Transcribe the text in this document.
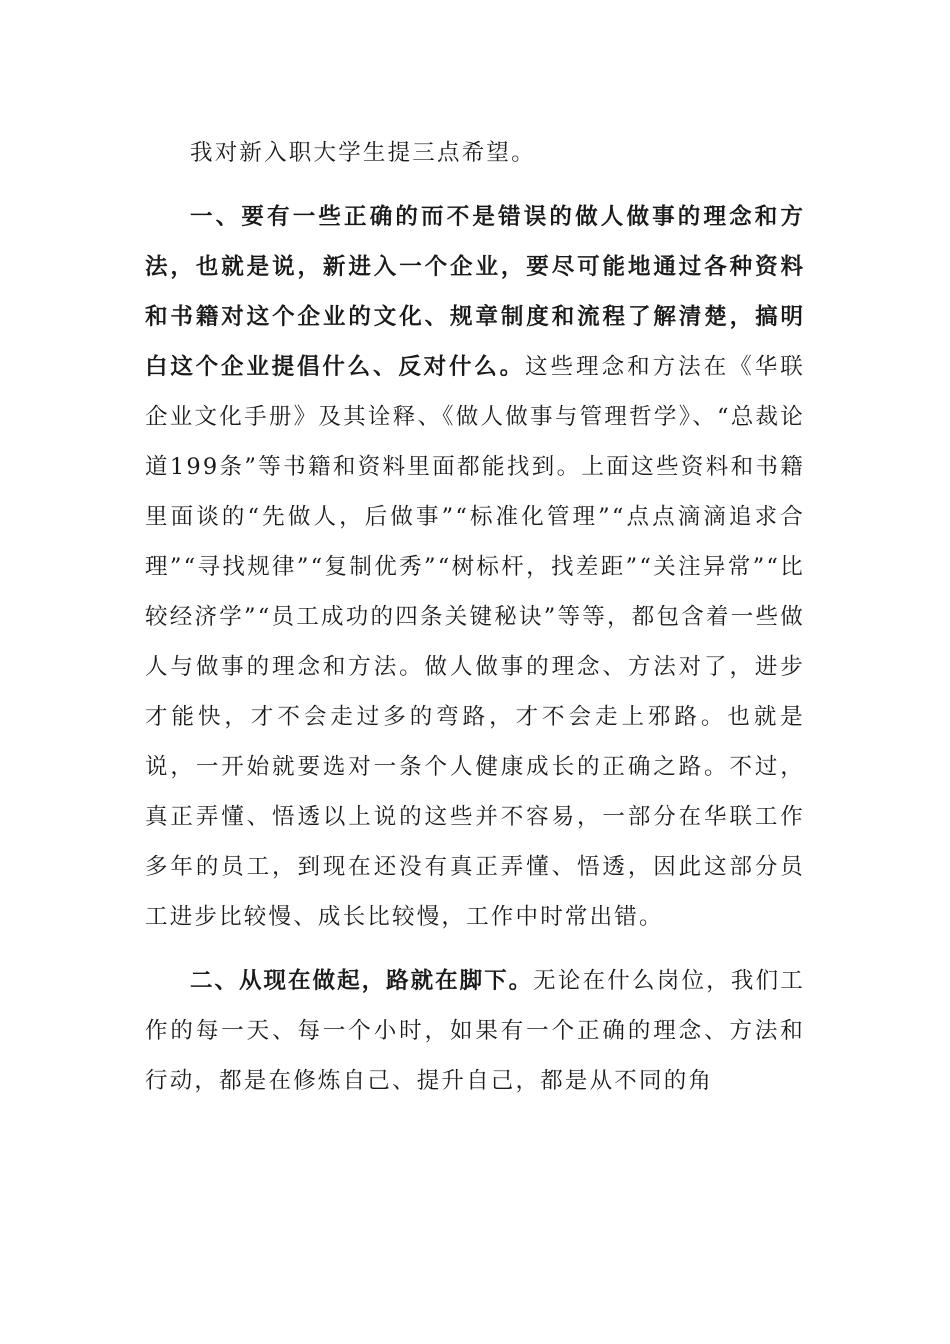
我对新入职大学生提三点希望。

一、要有一些正确的而不是错误的做人做事的理念和方法，也就是说，新进入一个企业，要尽可能地通过各种资料和书籍对这个企业的文化、规章制度和流程了解清楚，搞明白这个企业提倡什么、反对什么。这些理念和方法在《华联企业文化手册》及其诠释、《做人做事与管理哲学》、“总裁论道199条”等书籍和资料里面都能找到。上面这些资料和书籍里面谈的“先做人，后做事”“标准化管理”“点点滴滴追求合理”“寻找规律”“复制优秀”“树标杆，找差距”“关注异常”“比较经济学”“员工成功的四条关键秘诀”等等，都包含着一些做人与做事的理念和方法。做人做事的理念、方法对了，进步才能快，才不会走过多的弯路，才不会走上邪路。也就是说，一开始就要选对一条个人健康成长的正确之路。不过，真正弄懂、悟透以上说的这些并不容易，一部分在华联工作多年的员工，到现在还没有真正弄懂、悟透，因此这部分员工进步比较慢、成长比较慢，工作中时常出错。

二、从现在做起，路就在脚下。无论在什么岗位，我们工作的每一天、每一个小时，如果有一个正确的理念、方法和行动，都是在修炼自己、提升自己，都是从不同的角
